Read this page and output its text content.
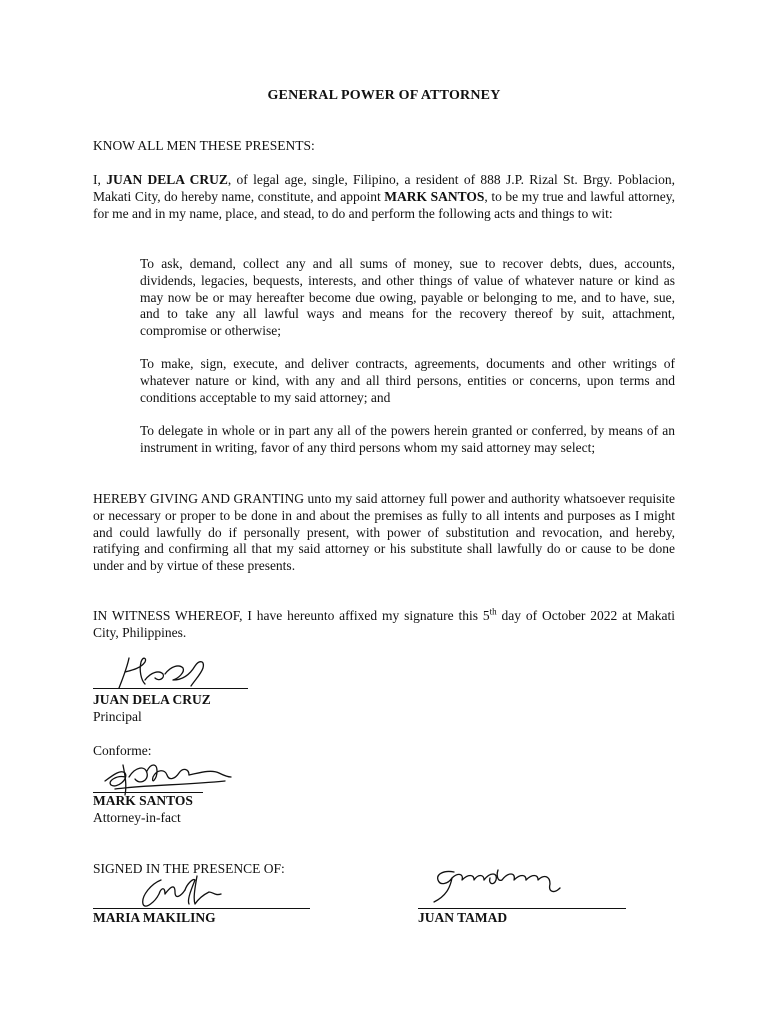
GENERAL POWER OF ATTORNEY
KNOW ALL MEN THESE PRESENTS:
I, JUAN DELA CRUZ, of legal age, single, Filipino, a resident of 888 J.P. Rizal St. Brgy. Poblacion, Makati City, do hereby name, constitute, and appoint MARK SANTOS, to be my true and lawful attorney, for me and in my name, place, and stead, to do and perform the following acts and things to wit:
To ask, demand, collect any and all sums of money, sue to recover debts, dues, accounts, dividends, legacies, bequests, interests, and other things of value of whatever nature or kind as may now be or may hereafter become due owing, payable or belonging to me, and to have, sue, and to take any all lawful ways and means for the recovery thereof by suit, attachment, compromise or otherwise;
To make, sign, execute, and deliver contracts, agreements, documents and other writings of whatever nature or kind, with any and all third persons, entities or concerns, upon terms and conditions acceptable to my said attorney; and
To delegate in whole or in part any all of the powers herein granted or conferred, by means of an instrument in writing, favor of any third persons whom my said attorney may select;
HEREBY GIVING AND GRANTING unto my said attorney full power and authority whatsoever requisite or necessary or proper to be done in and about the premises as fully to all intents and purposes as I might and could lawfully do if personally present, with power of substitution and revocation, and hereby, ratifying and confirming all that my said attorney or his substitute shall lawfully do or cause to be done under and by virtue of these presents.
IN WITNESS WHEREOF, I have hereunto affixed my signature this 5th day of October 2022 at Makati City, Philippines.
JUAN DELA CRUZ
Principal
Conforme:
MARK SANTOS
Attorney-in-fact
SIGNED IN THE PRESENCE OF:
MARIA MAKILING	JUAN TAMAD
